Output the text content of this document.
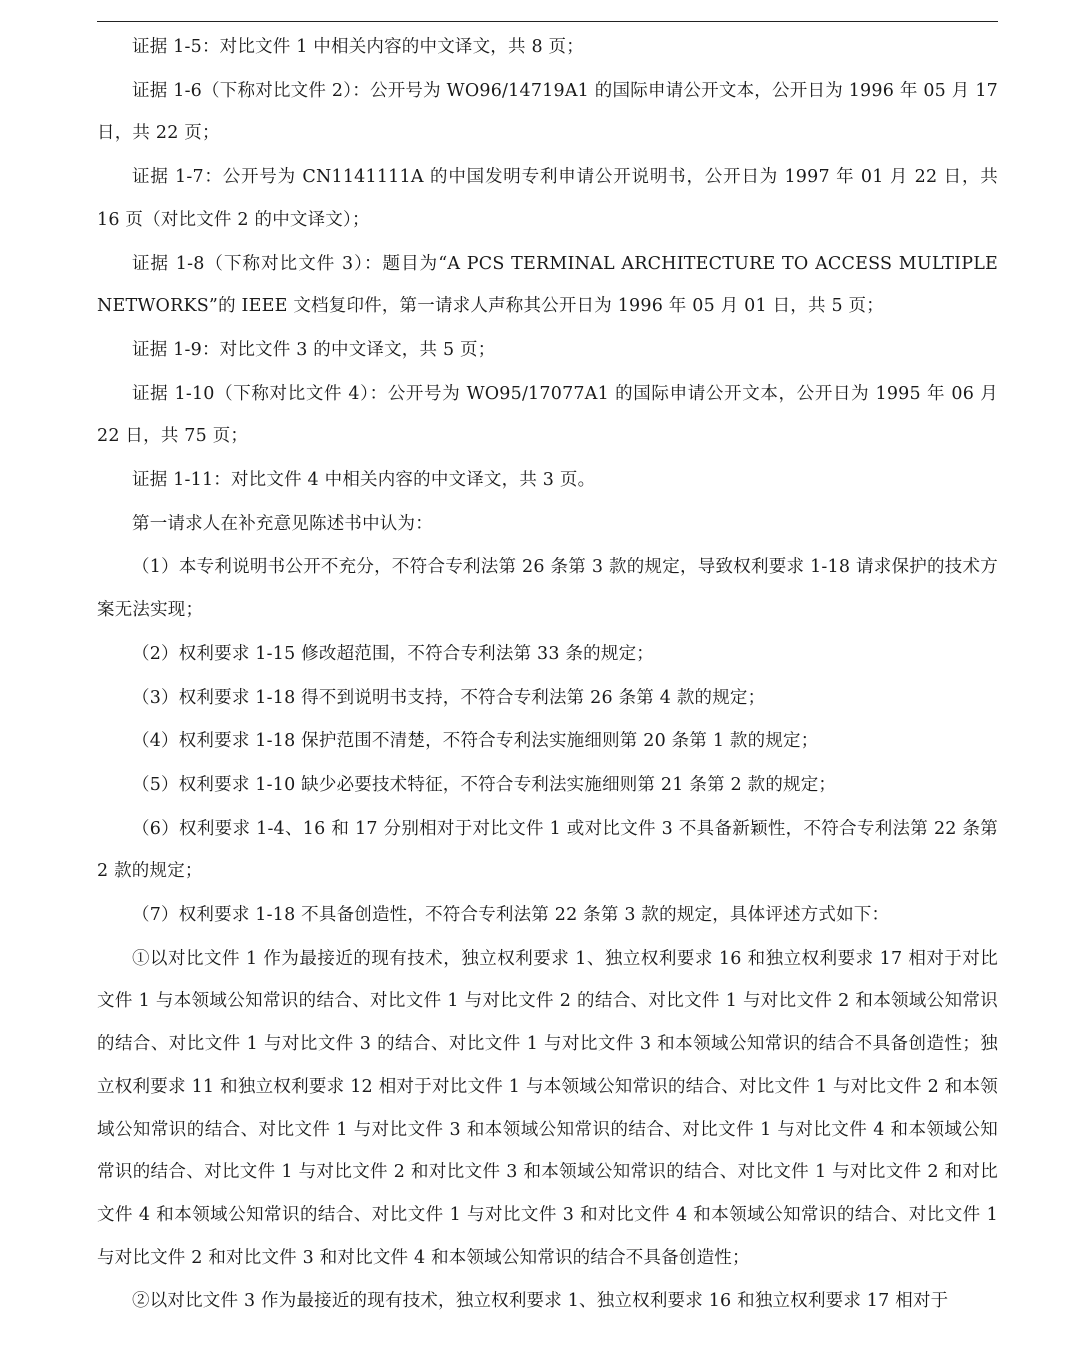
证据 1-5：对比文件 1 中相关内容的中文译文，共 8 页；

证据 1-6（下称对比文件 2）：公开号为 WO96/14719A1 的国际申请公开文本，公开日为 1996 年 05 月 17 日，共 22 页；

证据 1-7：公开号为 CN1141111A 的中国发明专利申请公开说明书，公开日为 1997 年 01 月 22 日，共 16 页（对比文件 2 的中文译文）；

证据 1-8（下称对比文件 3）：题目为“A PCS TERMINAL ARCHITECTURE TO ACCESS MULTIPLE NETWORKS”的 IEEE 文档复印件，第一请求人声称其公开日为 1996 年 05 月 01 日，共 5 页；

证据 1-9：对比文件 3 的中文译文，共 5 页；

证据 1-10（下称对比文件 4）：公开号为 WO95/17077A1 的国际申请公开文本，公开日为 1995 年 06 月 22 日，共 75 页；

证据 1-11：对比文件 4 中相关内容的中文译文，共 3 页。

第一请求人在补充意见陈述书中认为：

（1）本专利说明书公开不充分，不符合专利法第 26 条第 3 款的规定，导致权利要求 1-18 请求保护的技术方案无法实现；

（2）权利要求 1-15 修改超范围，不符合专利法第 33 条的规定；

（3）权利要求 1-18 得不到说明书支持，不符合专利法第 26 条第 4 款的规定；

（4）权利要求 1-18 保护范围不清楚，不符合专利法实施细则第 20 条第 1 款的规定；

（5）权利要求 1-10 缺少必要技术特征，不符合专利法实施细则第 21 条第 2 款的规定；

（6）权利要求 1-4、16 和 17 分别相对于对比文件 1 或对比文件 3 不具备新颖性，不符合专利法第 22 条第 2 款的规定；

（7）权利要求 1-18 不具备创造性，不符合专利法第 22 条第 3 款的规定，具体评述方式如下：

①以对比文件 1 作为最接近的现有技术，独立权利要求 1、独立权利要求 16 和独立权利要求 17 相对于对比文件 1 与本领域公知常识的结合、对比文件 1 与对比文件 2 的结合、对比文件 1 与对比文件 2 和本领域公知常识的结合、对比文件 1 与对比文件 3 的结合、对比文件 1 与对比文件 3 和本领域公知常识的结合不具备创造性；独立权利要求 11 和独立权利要求 12 相对于对比文件 1 与本领域公知常识的结合、对比文件 1 与对比文件 2 和本领域公知常识的结合、对比文件 1 与对比文件 3 和本领域公知常识的结合、对比文件 1 与对比文件 4 和本领域公知常识的结合、对比文件 1 与对比文件 2 和对比文件 3 和本领域公知常识的结合、对比文件 1 与对比文件 2 和对比文件 4 和本领域公知常识的结合、对比文件 1 与对比文件 3 和对比文件 4 和本领域公知常识的结合、对比文件 1 与对比文件 2 和对比文件 3 和对比文件 4 和本领域公知常识的结合不具备创造性；

②以对比文件 3 作为最接近的现有技术，独立权利要求 1、独立权利要求 16 和独立权利要求 17 相对于
